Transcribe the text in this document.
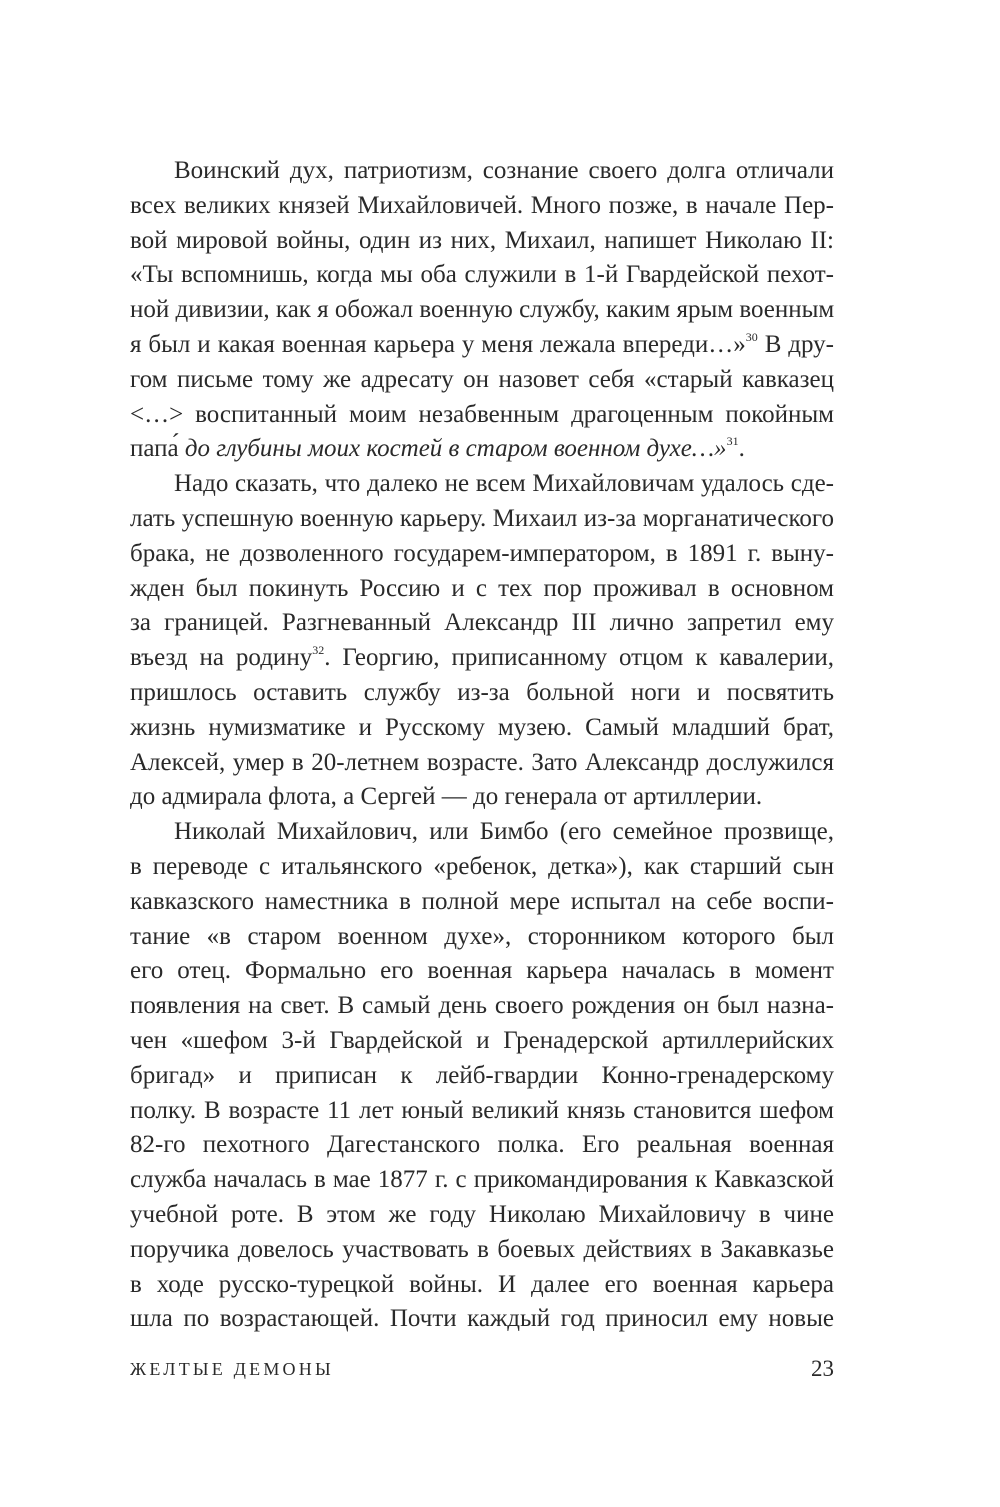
Воинский дух, патриотизм, сознание своего долга отличали
всех великих князей Михайловичей. Много позже, в начале Пер-
вой мировой войны, один из них, Михаил, напишет Николаю II:
«Ты вспомнишь, когда мы оба служили в 1-й Гвардейской пехот-
ной дивизии, как я обожал военную службу, каким ярым военным
я был и какая военная карьера у меня лежала впереди…»$^{30}$ В дру-
гом письме тому же адресату он назовет себя «старый кавказец
<…> воспитанный моим незабвенным драгоценным покойным
папа́ до глубины моих костей в старом военном духе…»$^{31}$.
Надо сказать, что далеко не всем Михайловичам удалось сде-
лать успешную военную карьеру. Михаил из-за морганатического
брака, не дозволенного государем-императором, в 1891 г. выну-
жден был покинуть Россию и с тех пор проживал в основном
за границей. Разгневанный Александр III лично запретил ему
въезд на родину$^{32}$. Георгию, приписанному отцом к кавалерии,
пришлось оставить службу из-за больной ноги и посвятить
жизнь нумизматике и Русскому музею. Самый младший брат,
Алексей, умер в 20-летнем возрасте. Зато Александр дослужился
до адмирала флота, а Сергей — до генерала от артиллерии.
Николай Михайлович, или Бимбо (его семейное прозвище,
в переводе с итальянского «ребенок, детка»), как старший сын
кавказского наместника в полной мере испытал на себе воспи-
тание «в старом военном духе», сторонником которого был
его отец. Формально его военная карьера началась в момент
появления на свет. В самый день своего рождения он был назна-
чен «шефом 3-й Гвардейской и Гренадерской артиллерийских
бригад» и приписан к лейб-гвардии Конно-гренадерскому
полку. В возрасте 11 лет юный великий князь становится шефом
82-го пехотного Дагестанского полка. Его реальная военная
служба началась в мае 1877 г. с прикомандирования к Кавказской
учебной роте. В этом же году Николаю Михайловичу в чине
поручика довелось участвовать в боевых действиях в Закавказье
в ходе русско-турецкой войны. И далее его военная карьера
шла по возрастающей. Почти каждый год приносил ему новые
ЖЕЛТЫЕ ДЕМОНЫ	23
